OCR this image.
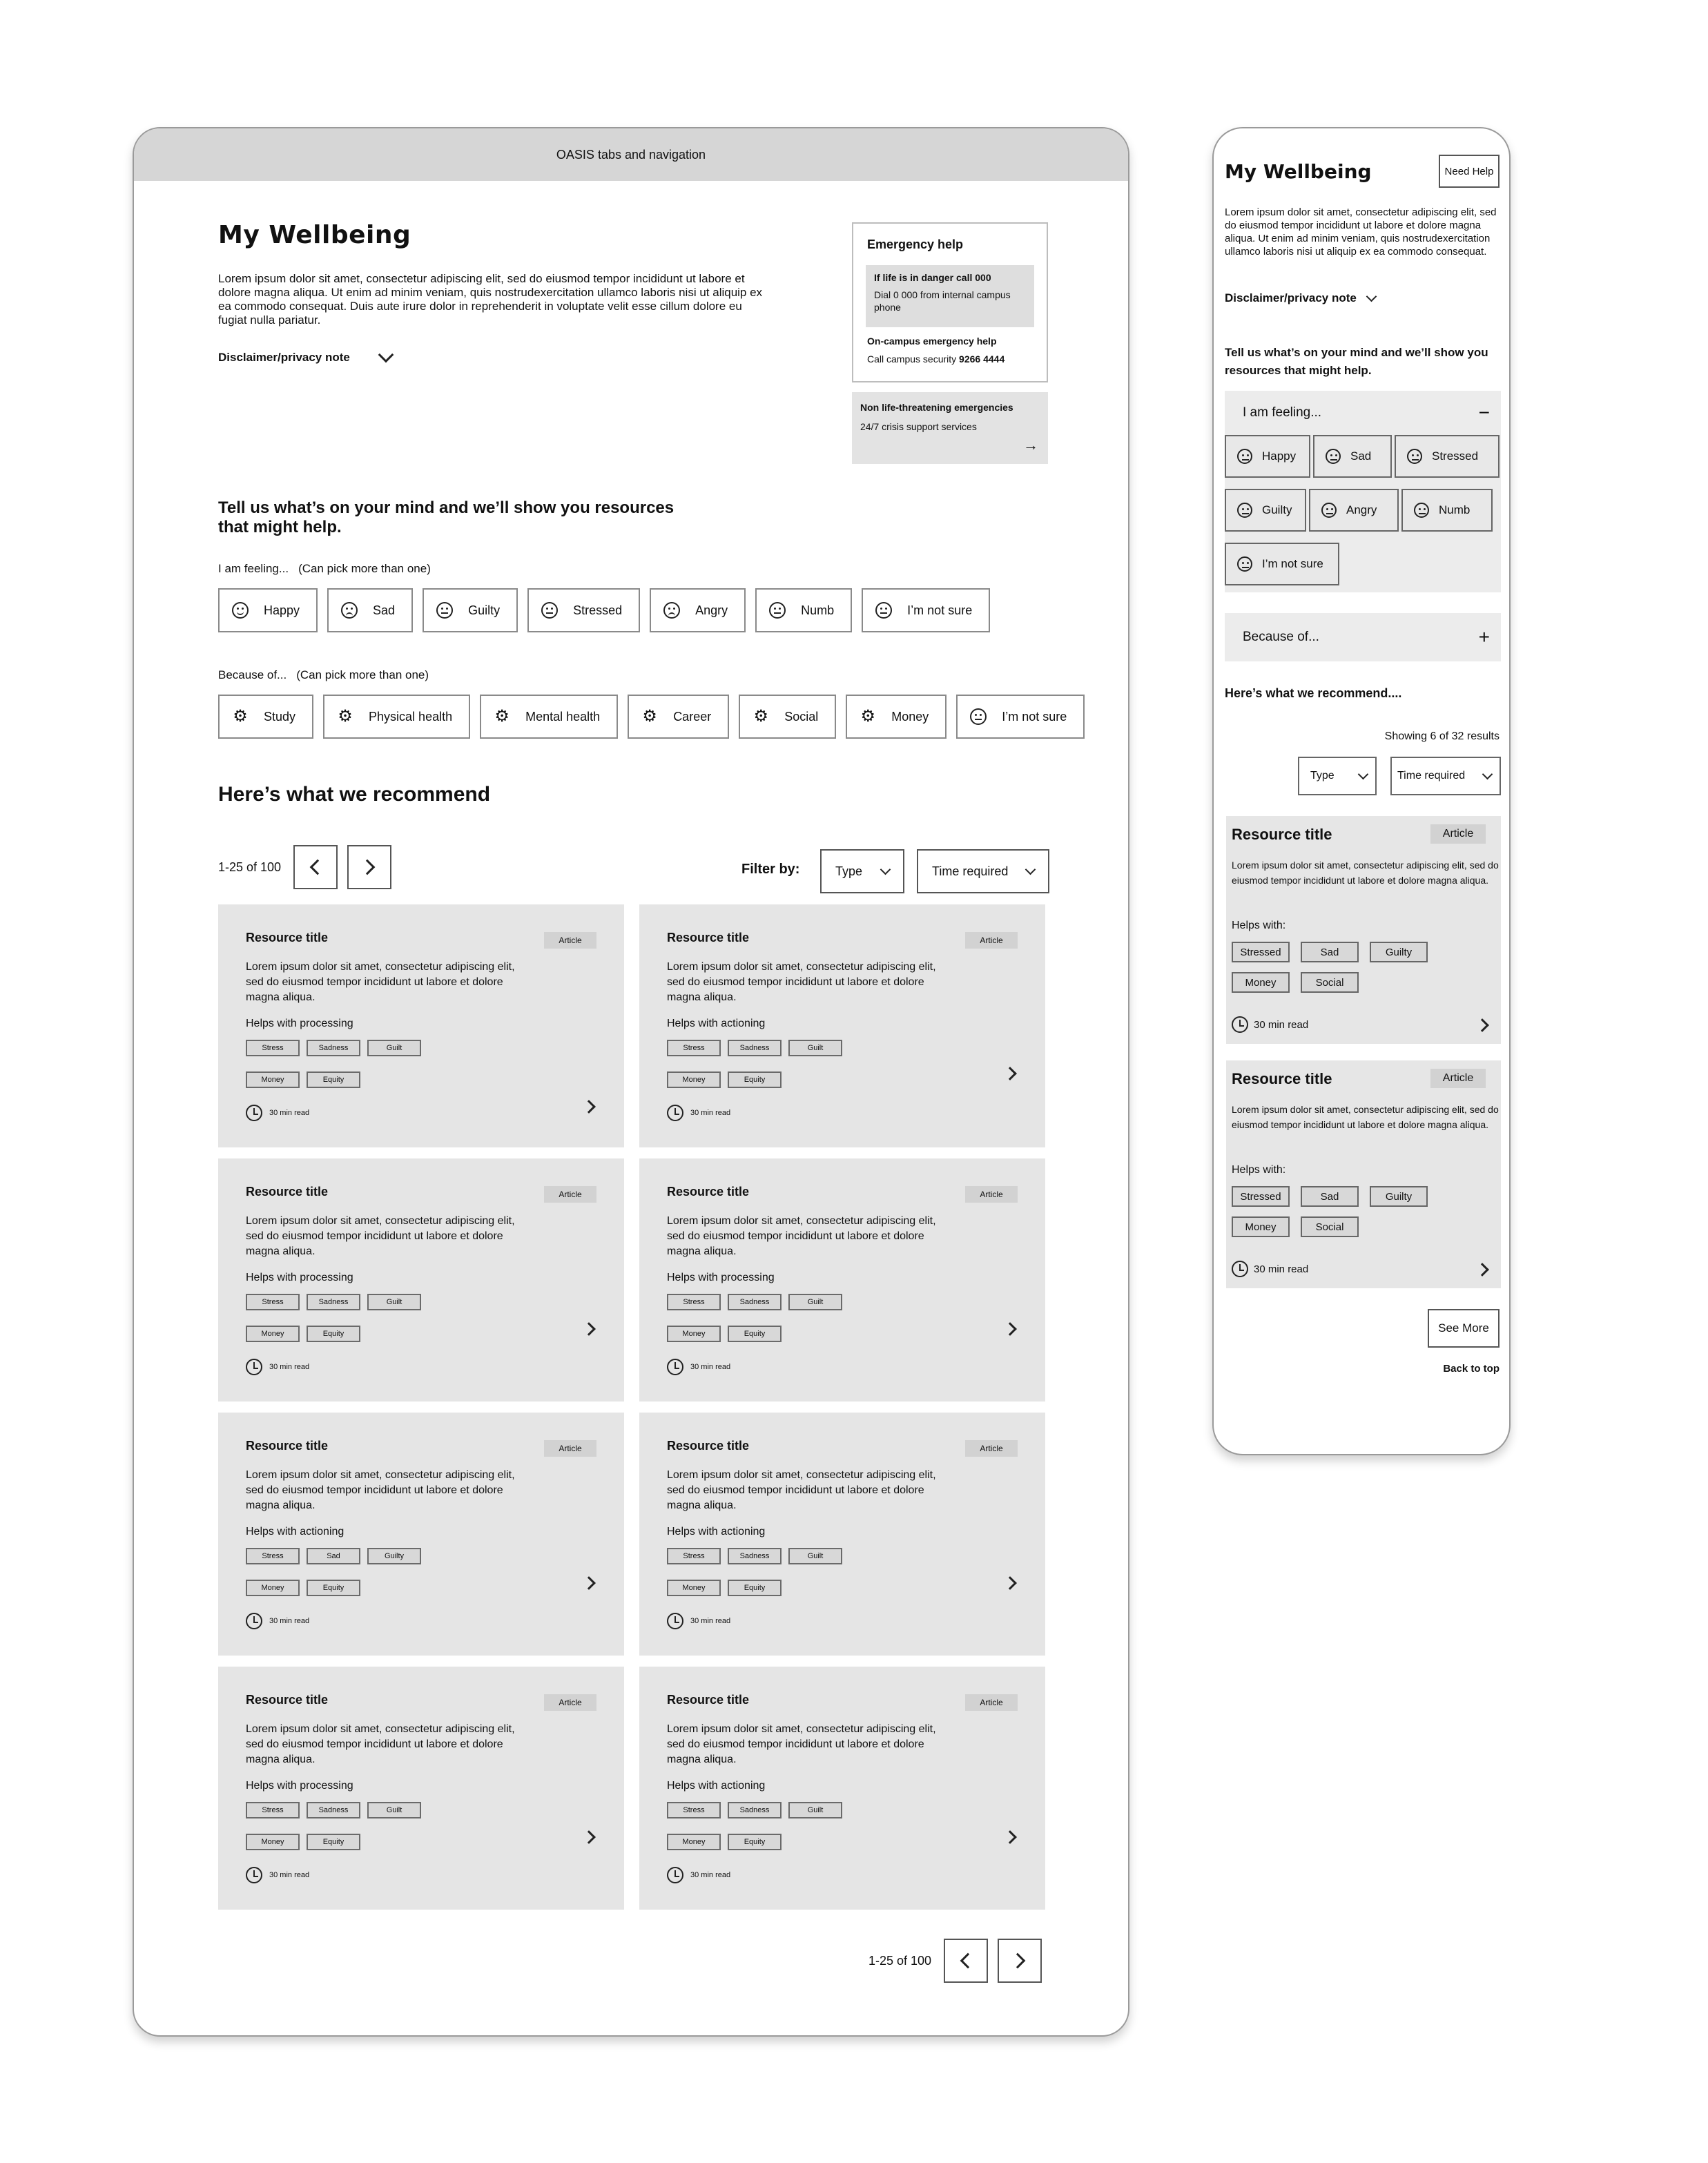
OASIS tabs and navigation
My Wellbeing

Lorem ipsum dolor sit amet, consectetur adipiscing elit, sed do eiusmod tempor incididunt ut labore et dolore magna aliqua. Ut enim ad minim veniam, quis nostrudexercitation ullamco laboris nisi ut aliquip ex ea commodo consequat. Duis aute irure dolor in reprehenderit in voluptate velit esse cillum dolore eu fugiat nulla pariatur.

Disclaimer/privacy note
Emergency help
If life is in danger call 000
Dial 0 000 from internal campus phone
On-campus emergency help
Call campus security 9266 4444
Non life-threatening emergencies
24/7 crisis support services
→
Tell us what’s on your mind and we’ll show you resources that might help.
I am feeling... (Can pick more than one)
Happy	Sad	Guilty	Stressed	Angry	Numb	I’m not sure
Because of... (Can pick more than one)
⚙ Study	⚙ Physical health	⚙ Mental health	⚙ Career	⚙ Social	⚙ Money	I’m not sure
Here’s what we recommend
1-25 of 100	Filter by:	Type	Time required
Resource title	Article
Lorem ipsum dolor sit amet, consectetur adipiscing elit, sed do eiusmod tempor incididunt ut labore et dolore magna aliqua.
Helps with processing
Stress	Sadness	Guilt
Money	Equity
30 min read
Resource title	Article
Lorem ipsum dolor sit amet, consectetur adipiscing elit, sed do eiusmod tempor incididunt ut labore et dolore magna aliqua.
Helps with actioning
Stress	Sadness	Guilt
Money	Equity
30 min read
Resource title	Article
Lorem ipsum dolor sit amet, consectetur adipiscing elit, sed do eiusmod tempor incididunt ut labore et dolore magna aliqua.
Helps with processing
Stress	Sadness	Guilt
Money	Equity
30 min read
Resource title	Article
Lorem ipsum dolor sit amet, consectetur adipiscing elit, sed do eiusmod tempor incididunt ut labore et dolore magna aliqua.
Helps with processing
Stress	Sadness	Guilt
Money	Equity
30 min read
Resource title	Article
Lorem ipsum dolor sit amet, consectetur adipiscing elit, sed do eiusmod tempor incididunt ut labore et dolore magna aliqua.
Helps with actioning
Stress	Sad	Guilty
Money	Equity
30 min read
Resource title	Article
Lorem ipsum dolor sit amet, consectetur adipiscing elit, sed do eiusmod tempor incididunt ut labore et dolore magna aliqua.
Helps with actioning
Stress	Sadness	Guilt
Money	Equity
30 min read
Resource title	Article
Lorem ipsum dolor sit amet, consectetur adipiscing elit, sed do eiusmod tempor incididunt ut labore et dolore magna aliqua.
Helps with processing
Stress	Sadness	Guilt
Money	Equity
30 min read
Resource title	Article
Lorem ipsum dolor sit amet, consectetur adipiscing elit, sed do eiusmod tempor incididunt ut labore et dolore magna aliqua.
Helps with actioning
Stress	Sadness	Guilt
Money	Equity
30 min read
1-25 of 100
My Wellbeing	Need Help

Lorem ipsum dolor sit amet, consectetur adipiscing elit, sed do eiusmod tempor incididunt ut labore et dolore magna aliqua. Ut enim ad minim veniam, quis nostrudexercitation ullamco laboris nisi ut aliquip ex ea commodo consequat.

Disclaimer/privacy note
Tell us what’s on your mind and we’ll show you resources that might help.
I am feeling...	−
Happy	Sad	Stressed
Guilty	Angry	Numb
I’m not sure
Because of...	+
Here’s what we recommend....
Showing 6 of 32 results
Type	Time required
Resource title	Article
Lorem ipsum dolor sit amet, consectetur adipiscing elit, sed do eiusmod tempor incididunt ut labore et dolore magna aliqua.
Helps with:
Stressed	Sad	Guilty
Money	Social
30 min read
Resource title	Article
Lorem ipsum dolor sit amet, consectetur adipiscing elit, sed do eiusmod tempor incididunt ut labore et dolore magna aliqua.
Helps with:
Stressed	Sad	Guilty
Money	Social
30 min read
See More
Back to top
